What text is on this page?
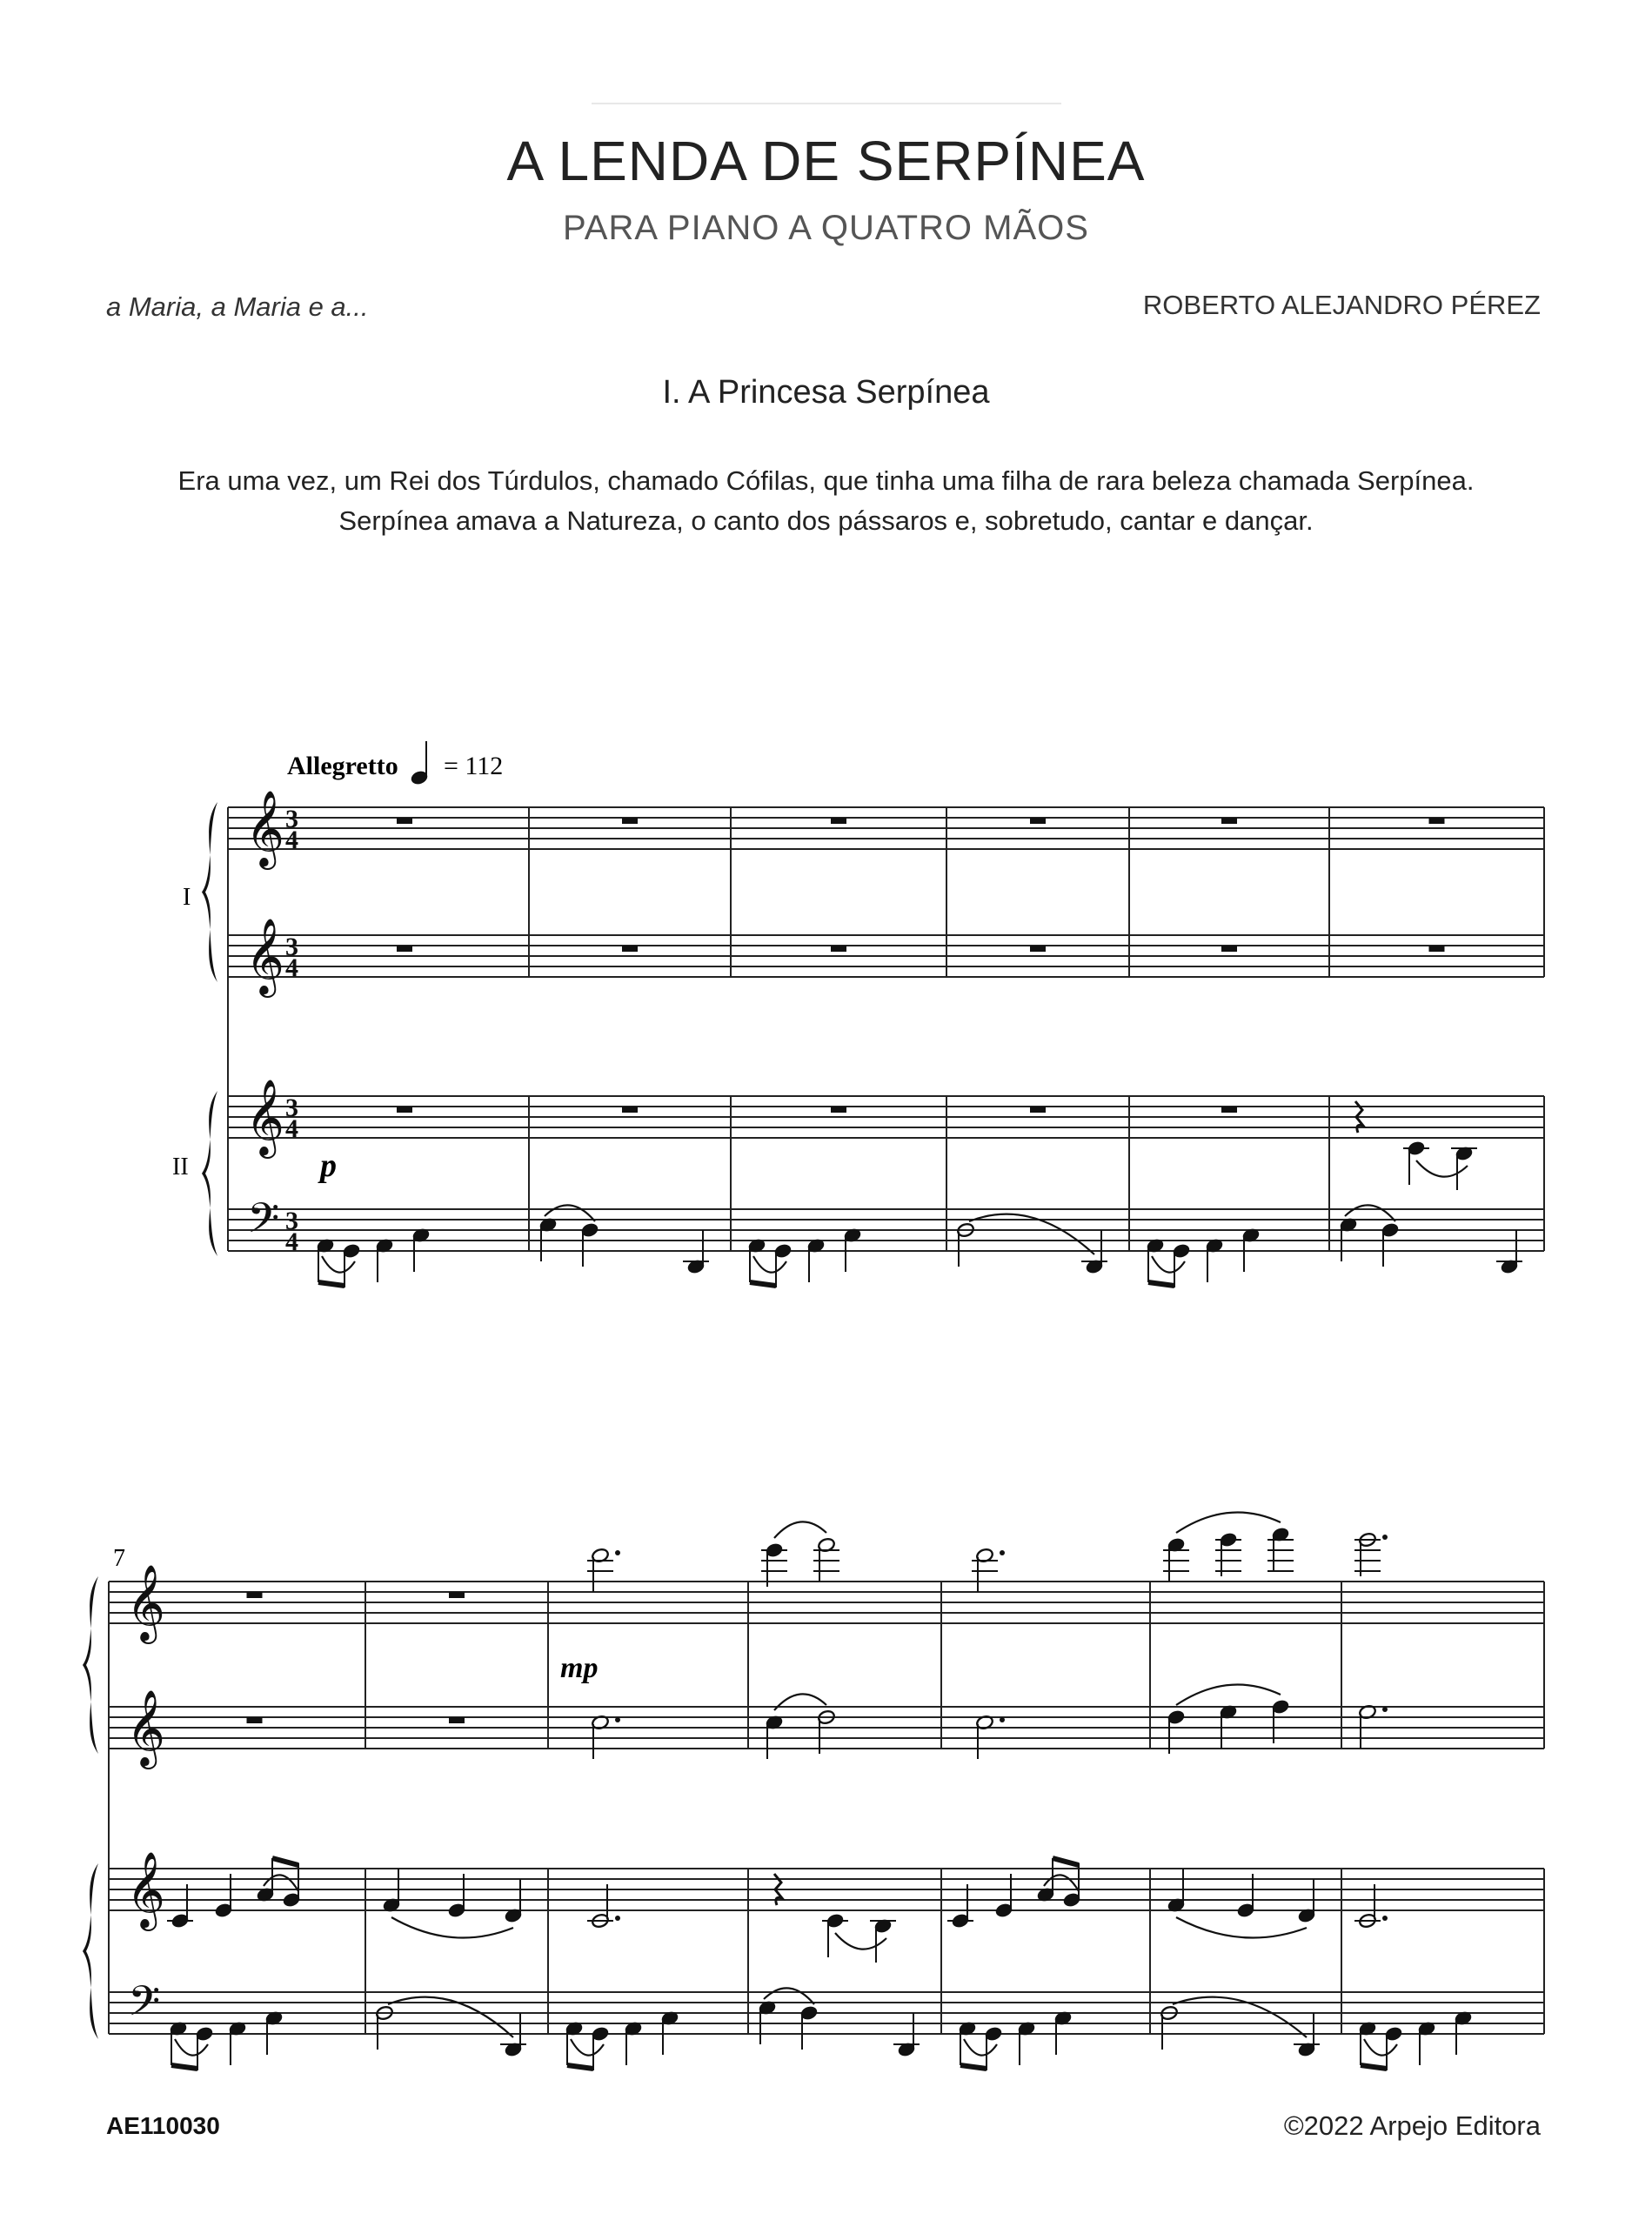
A LENDA DE SERPÍNEA
PARA PIANO A QUATRO MÃOS
a Maria, a Maria e a...	ROBERTO ALEJANDRO PÉREZ
I. A Princesa Serpínea
Era uma vez, um Rei dos Túrdulos, chamado Cófilas, que tinha uma filha de rara beleza chamada Serpínea.
Serpínea amava a Natureza, o canto dos pássaros e, sobretudo, cantar e dançar.
𝄞
𝄞
𝄞
𝄢
𝄞
𝄞
𝄞
𝄢
3
4
3
4
3
4
3
4
Allegretto = 112
I
II	p
mp
7
AE110030	©2022 Arpejo Editora
